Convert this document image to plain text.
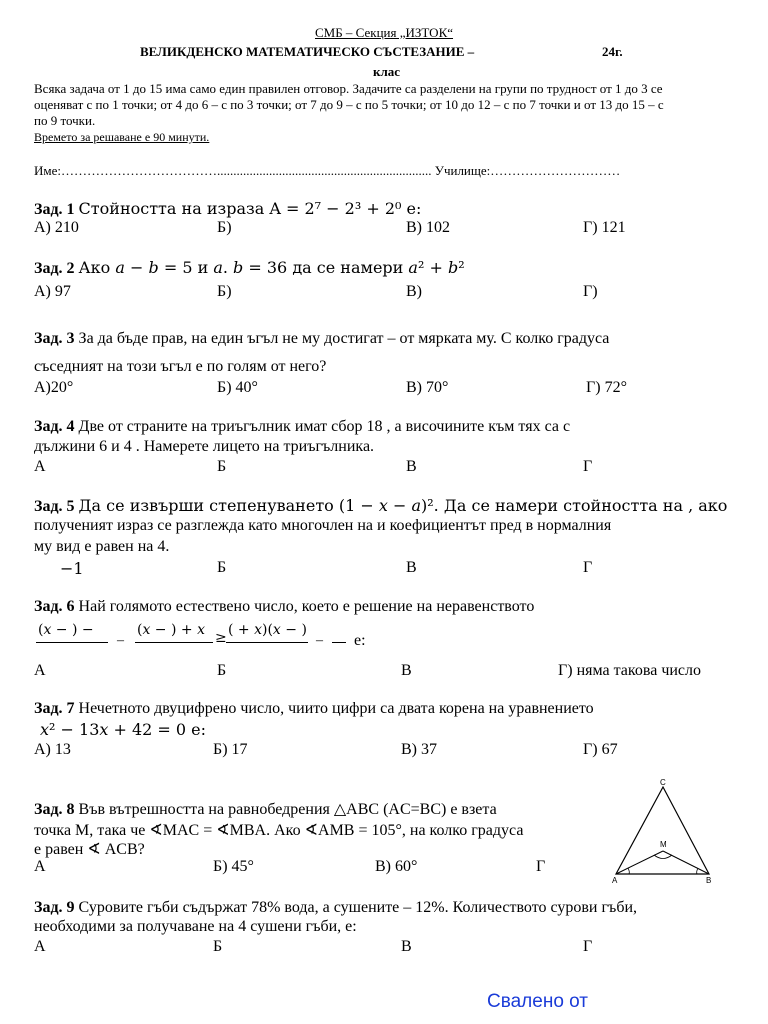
СМБ – Секция „ИЗТОК“
ВЕЛИКДЕНСКО МАТЕМАТИЧЕСКО СЪСТЕЗАНИЕ –	24г.
клас
Всяка задача от 1 до 15 има само един правилен отговор. Задачите са разделени на групи по трудност от 1 до 3 се
оценяват с по 1 точки; от 4 до 6 – с по 3 точки; от 7 до 9 – с по 5 точки; от 10 до 12 – с по 7 точки и от 13 до 15 – с
по 9 точки.
Времето за решаване е 90 минути.
Име:……………………………….................................................................. Училище:…………………………
Зад. 1 Стойността на израза A = 2⁷ − 2³ + 2⁰ е:
А) 210	Б)	В) 102	Г) 121
Зад. 2 Ако 𝑎 − 𝑏 = 5 и 𝑎. 𝑏 = 36 да се намери 𝑎² + 𝑏²
А) 97	Б)	В)	Г)
Зад. 3 За да бъде прав, на един ъгъл не му достигат – от мярката му. С колко градуса
съседният на този ъгъл е по голям от него?
А)20°	Б) 40°	В) 70°	Г) 72°
Зад. 4 Две от страните на триъгълник имат сбор 18 , а височините към тях са с
дължини 6 и 4 . Намерете лицето на триъгълника.
А	Б	В	Г
Зад. 5 Да се извърши степенуването (1 − 𝑥 − 𝑎)². Да се намери стойността на , ако
полученият израз се разглежда като многочлен на и коефициентът пред в нормалния
му вид е равен на 4.
−1	Б	В	Г
Зад. 6 Най голямото естествено число, което е решение на неравенството
(𝑥 − ) −
–
(𝑥 − ) + 𝑥 ≥ ( + 𝑥)(𝑥 − )
– е:
А	Б	В	Г) няма такова число
Зад. 7 Нечетното двуцифрено число, чиито цифри са двата корена на уравнението
𝑥² − 13𝑥 + 42 = 0 е:
А) 13	Б) 17	В) 37	Г) 67
Зад. 8 Във вътрешността на равнобедрения △ABC (AC=BC) е взета
точка M, така че ∢MAC = ∢MBA. Ако ∢AMB = 105°, на колко градуса
е равен ∢ ACB?
А	Б) 45°	В) 60°	Г
C
M
A	B
Зад. 9 Суровите гъби съдържат 78% вода, а сушените – 12%. Количеството сурови гъби,
необходими за получаване на 4 сушени гъби, е:
А	Б	В	Г
Свалено от
